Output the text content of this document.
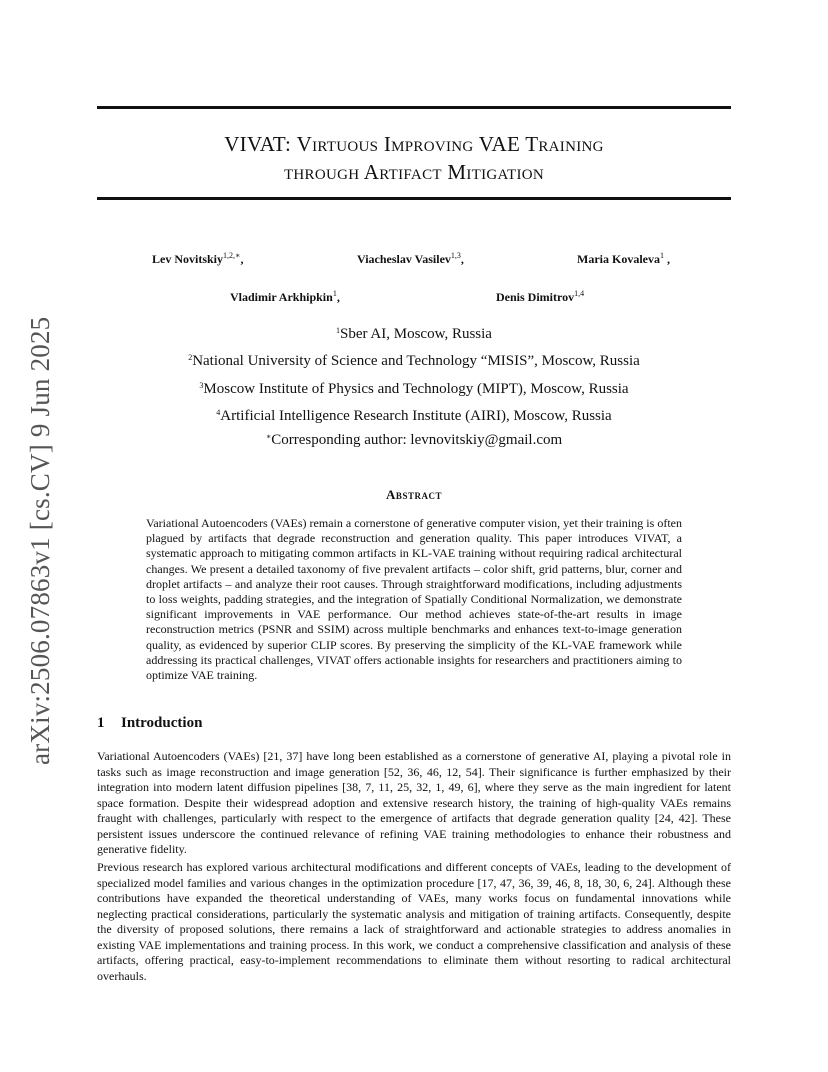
arXiv:2506.07863v1 [cs.CV] 9 Jun 2025
VIVAT: Virtuous Improving VAE Training
through Artifact Mitigation
Lev Novitskiy$^{1,2,∗}$,	Viacheslav Vasilev$^{1,3}$,	Maria Kovaleva$^1$ ,
Vladimir Arkhipkin$^1$,	Denis Dimitrov$^{1,4}$
$^1$Sber AI, Moscow, Russia
$^2$National University of Science and Technology “MISIS”, Moscow, Russia
$^3$Moscow Institute of Physics and Technology (MIPT), Moscow, Russia
$^4$Artificial Intelligence Research Institute (AIRI), Moscow, Russia
∗Corresponding author: levnovitskiy@gmail.com
Abstract
Variational Autoencoders (VAEs) remain a cornerstone of generative computer vision, yet their training is often plagued by artifacts that degrade reconstruction and generation quality. This paper introduces VIVAT, a systematic approach to mitigating common artifacts in KL-VAE training without requiring radical architectural changes. We present a detailed taxonomy of five prevalent artifacts – color shift, grid patterns, blur, corner and droplet artifacts – and analyze their root causes. Through straightforward modifications, including adjustments to loss weights, padding strategies, and the integration of Spatially Conditional Normalization, we demonstrate significant improvements in VAE performance. Our method achieves state-of-the-art results in image reconstruction metrics (PSNR and SSIM) across multiple benchmarks and enhances text-to-image generation quality, as evidenced by superior CLIP scores. By preserving the simplicity of the KL-VAE framework while addressing its practical challenges, VIVAT offers actionable insights for researchers and practitioners aiming to optimize VAE training.
1 Introduction
Variational Autoencoders (VAEs) [21, 37] have long been established as a cornerstone of generative AI, playing a pivotal role in tasks such as image reconstruction and image generation [52, 36, 46, 12, 54]. Their significance is further emphasized by their integration into modern latent diffusion pipelines [38, 7, 11, 25, 32, 1, 49, 6], where they serve as the main ingredient for latent space formation. Despite their widespread adoption and extensive research history, the training of high-quality VAEs remains fraught with challenges, particularly with respect to the emergence of artifacts that degrade generation quality [24, 42]. These persistent issues underscore the continued relevance of refining VAE training methodologies to enhance their robustness and generative fidelity.
Previous research has explored various architectural modifications and different concepts of VAEs, leading to the development of specialized model families and various changes in the optimization procedure [17, 47, 36, 39, 46, 8, 18, 30, 6, 24]. Although these contributions have expanded the theoretical understanding of VAEs, many works focus on fundamental innovations while neglecting practical considerations, particularly the systematic analysis and mitigation of training artifacts. Consequently, despite the diversity of proposed solutions, there remains a lack of straightforward and actionable strategies to address anomalies in existing VAE implementations and training process. In this work, we conduct a comprehensive classification and analysis of these artifacts, offering practical, easy-to-implement recommendations to eliminate them without resorting to radical architectural overhauls.
